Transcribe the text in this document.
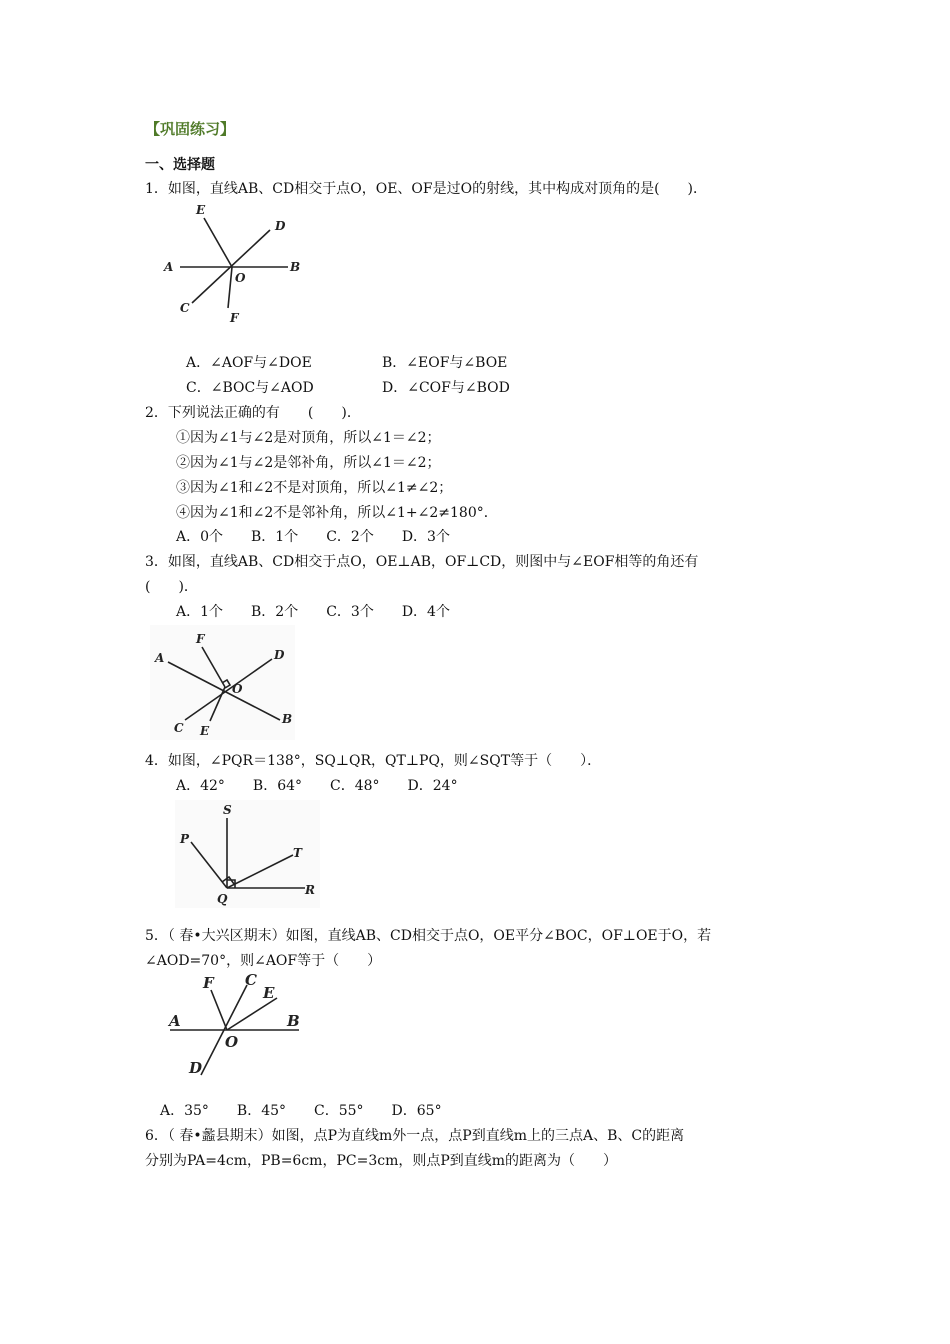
【巩固练习】
一、选择题
1．如图，直线AB、CD相交于点O，OE、OF是过O的射线，其中构成对顶角的是(　　)．
E
D
A	B
O
C
F
A．∠AOF与∠DOE	B．∠EOF与∠BOE
C．∠BOC与∠AOD	D．∠COF与∠BOD
2．下列说法正确的有　　(　　)．
①因为∠1与∠2是对顶角，所以∠1＝∠2；
②因为∠1与∠2是邻补角，所以∠1＝∠2；
③因为∠1和∠2不是对顶角，所以∠1≠∠2；
④因为∠1和∠2不是邻补角，所以∠1+∠2≠180°．
A．0个　　B．1个　　C．2个　　D．3个
3．如图，直线AB、CD相交于点O，OE⊥AB，OF⊥CD，则图中与∠EOF相等的角还有
(　　)．
A．1个　　B．2个　　C．3个　　D．4个
F
A	D
O
C E
B
4．如图，∠PQR＝138°，SQ⊥QR，QT⊥PQ，则∠SQT等于（　　）．
A．42°　　B．64°　　C．48°　　D．24°
S
P
T
Q
R
5．（ 春•大兴区期末）如图，直线AB、CD相交于点O，OE平分∠BOC，OF⊥OE于O，若
∠AOD=70°，则∠AOF等于（　　）
F C
E
A	B
O
D
A．35°　　B．45°　　C．55°　　D．65°
6．（ 春•蠡县期末）如图，点P为直线m外一点，点P到直线m上的三点A、B、C的距离
分别为PA=4cm，PB=6cm，PC=3cm，则点P到直线m的距离为（　　）
